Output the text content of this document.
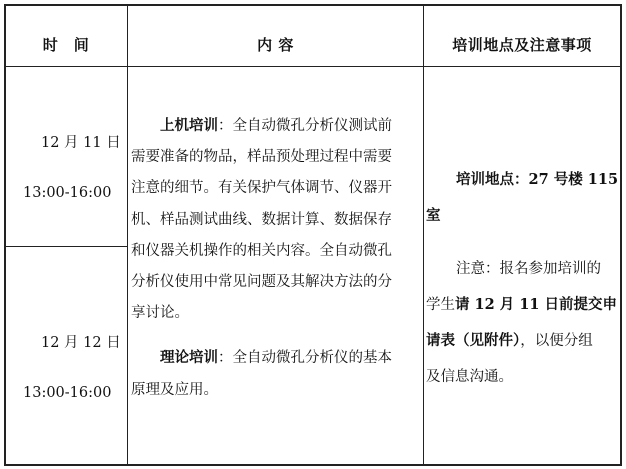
时　间	内 容	培训地点及注意事项
12 月 11 日
13:00-16:00
12 月 12 日
13:00-16:00

上机培训：全自动微孔分析仪测试前

需要准备的物品，样品预处理过程中需要

注意的细节。有关保护气体调节、仪器开

机、样品测试曲线、数据计算、数据保存

和仪器关机操作的相关内容。全自动微孔

分析仪使用中常见问题及其解决方法的分

享讨论。

理论培训：全自动微孔分析仪的基本

原理及应用。

培训地点：27 号楼 115

室

注意：报名参加培训的

学生请 12 月 11 日前提交申

请表（见附件），以便分组

及信息沟通。
